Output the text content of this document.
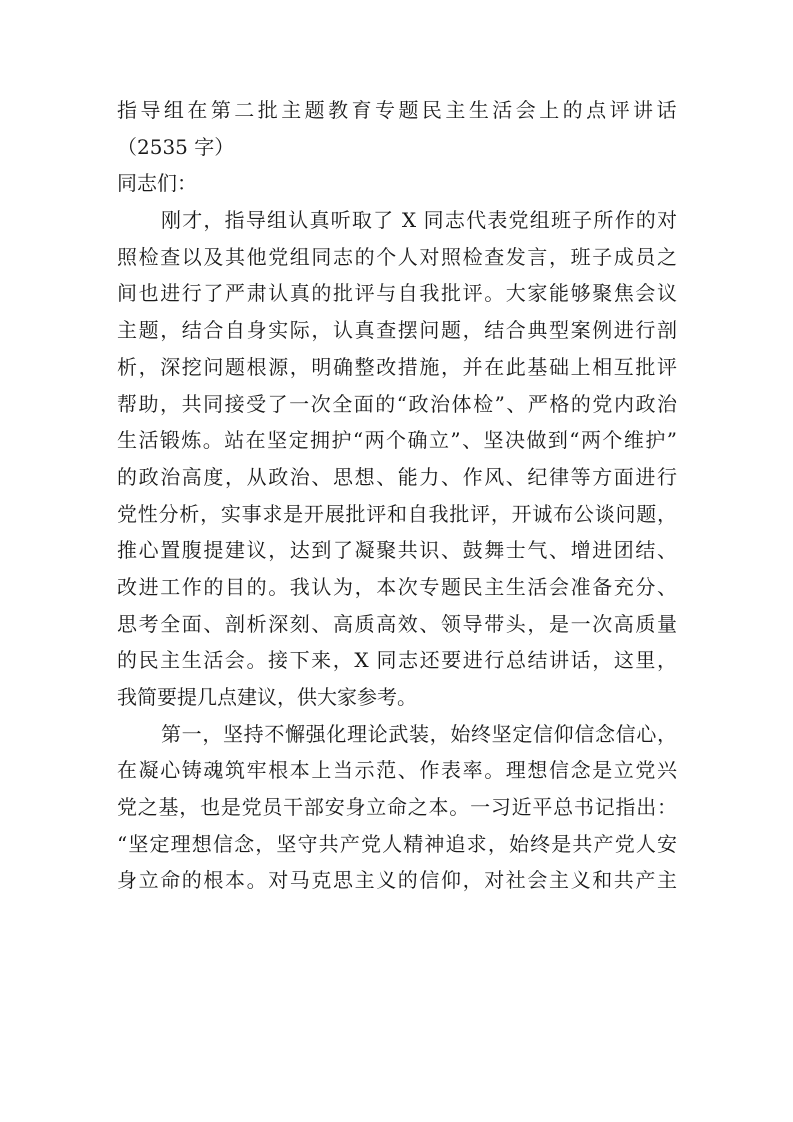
指导组在第二批主题教育专题民主生活会上的点评讲话
（2535 字）
同志们：
刚才，指导组认真听取了 X 同志代表党组班子所作的对
照检查以及其他党组同志的个人对照检查发言，班子成员之
间也进行了严肃认真的批评与自我批评。大家能够聚焦会议
主题，结合自身实际，认真查摆问题，结合典型案例进行剖
析，深挖问题根源，明确整改措施，并在此基础上相互批评
帮助，共同接受了一次全面的“政治体检”、严格的党内政治
生活锻炼。站在坚定拥护“两个确立”、坚决做到“两个维护”
的政治高度，从政治、思想、能力、作风、纪律等方面进行
党性分析，实事求是开展批评和自我批评，开诚布公谈问题，
推心置腹提建议，达到了凝聚共识、鼓舞士气、增进团结、
改进工作的目的。我认为，本次专题民主生活会准备充分、
思考全面、剖析深刻、高质高效、领导带头，是一次高质量
的民主生活会。接下来，X 同志还要进行总结讲话，这里，
我简要提几点建议，供大家参考。
第一，坚持不懈强化理论武装，始终坚定信仰信念信心，
在凝心铸魂筑牢根本上当示范、作表率。理想信念是立党兴
党之基，也是党员干部安身立命之本。一习近平总书记指出：
“坚定理想信念，坚守共产党人精神追求，始终是共产党人安
身立命的根本。对马克思主义的信仰，对社会主义和共产主
